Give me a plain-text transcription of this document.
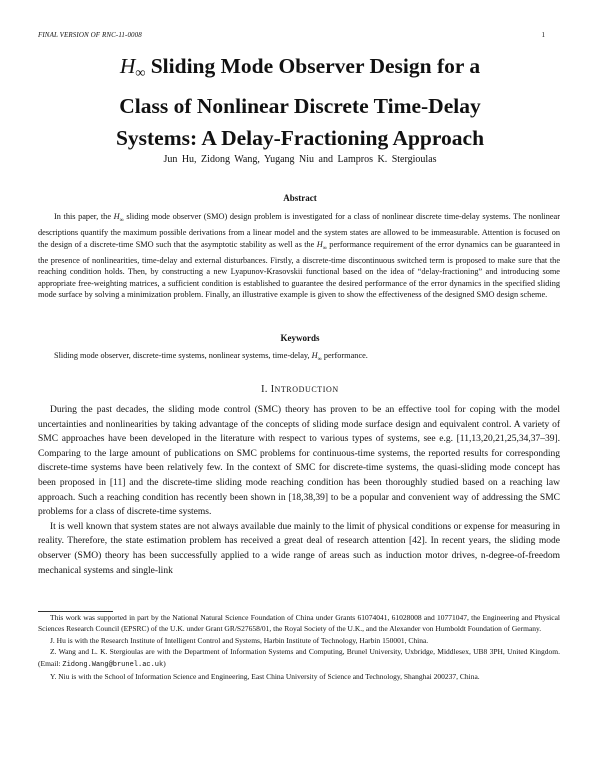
FINAL VERSION OF RNC-11-0008	1
H∞ Sliding Mode Observer Design for a
Class of Nonlinear Discrete Time-Delay
Systems: A Delay-Fractioning Approach
Jun Hu, Zidong Wang, Yugang Niu and Lampros K. Stergioulas
Abstract

In this paper, the $H_\infty$ sliding mode observer (SMO) design problem is investigated for a class of nonlinear discrete time-delay systems. The nonlinear descriptions quantify the maximum possible derivations from a linear model and the system states are allowed to be immeasurable. Attention is focused on the design of a discrete-time SMO such that the asymptotic stability as well as the $H_\infty$ performance requirement of the error dynamics can be guaranteed in the presence of nonlinearities, time-delay and external disturbances. Firstly, a discrete-time discontinuous switched term is proposed to make sure that the reaching condition holds. Then, by constructing a new Lyapunov-Krasovskii functional based on the idea of “delay-fractioning” and introducing some appropriate free-weighting matrices, a sufficient condition is established to guarantee the desired performance of the error dynamics in the specified sliding mode surface by solving a minimization problem. Finally, an illustrative example is given to show the effectiveness of the designed SMO design scheme.

Keywords
Sliding mode observer, discrete-time systems, nonlinear systems, time-delay, $H_\infty$ performance.
I. INTRODUCTION

During the past decades, the sliding mode control (SMC) theory has proven to be an effective tool for coping with the model uncertainties and nonlinearities by taking advantage of the concepts of sliding mode surface design and equivalent control. A variety of SMC approaches have been developed in the literature with respect to various types of systems, see e.g. [11,13,20,21,25,34,37–39]. Comparing to the large amount of publications on SMC problems for continuous-time systems, the reported results for corresponding discrete-time systems have been relatively few. In the context of SMC for discrete-time systems, the quasi-sliding mode concept has been proposed in [11] and the discrete-time sliding mode reaching condition has been thoroughly studied based on a reaching law approach. Such a reaching condition has recently been shown in [18,38,39] to be a popular and convenient way of addressing the SMC problems for a class of discrete-time systems.

It is well known that system states are not always available due mainly to the limit of physical conditions or expense for measuring in reality. Therefore, the state estimation problem has received a great deal of research attention [42]. In recent years, the sliding mode observer (SMO) theory has been successfully applied to a wide range of areas such as induction motor drives, n-degree-of-freedom mechanical systems and single-link

This work was supported in part by the National Natural Science Foundation of China under Grants 61074041, 61028008 and 10771047, the Engineering and Physical Sciences Research Council (EPSRC) of the U.K. under Grant GR/S27658/01, the Royal Society of the U.K., and the Alexander von Humboldt Foundation of Germany.

J. Hu is with the Research Institute of Intelligent Control and Systems, Harbin Institute of Technology, Harbin 150001, China.

Z. Wang and L. K. Stergioulas are with the Department of Information Systems and Computing, Brunel University, Uxbridge, Middlesex, UB8 3PH, United Kingdom. (Email: Zidong.Wang@brunel.ac.uk)

Y. Niu is with the School of Information Science and Engineering, East China University of Science and Technology, Shanghai 200237, China.
